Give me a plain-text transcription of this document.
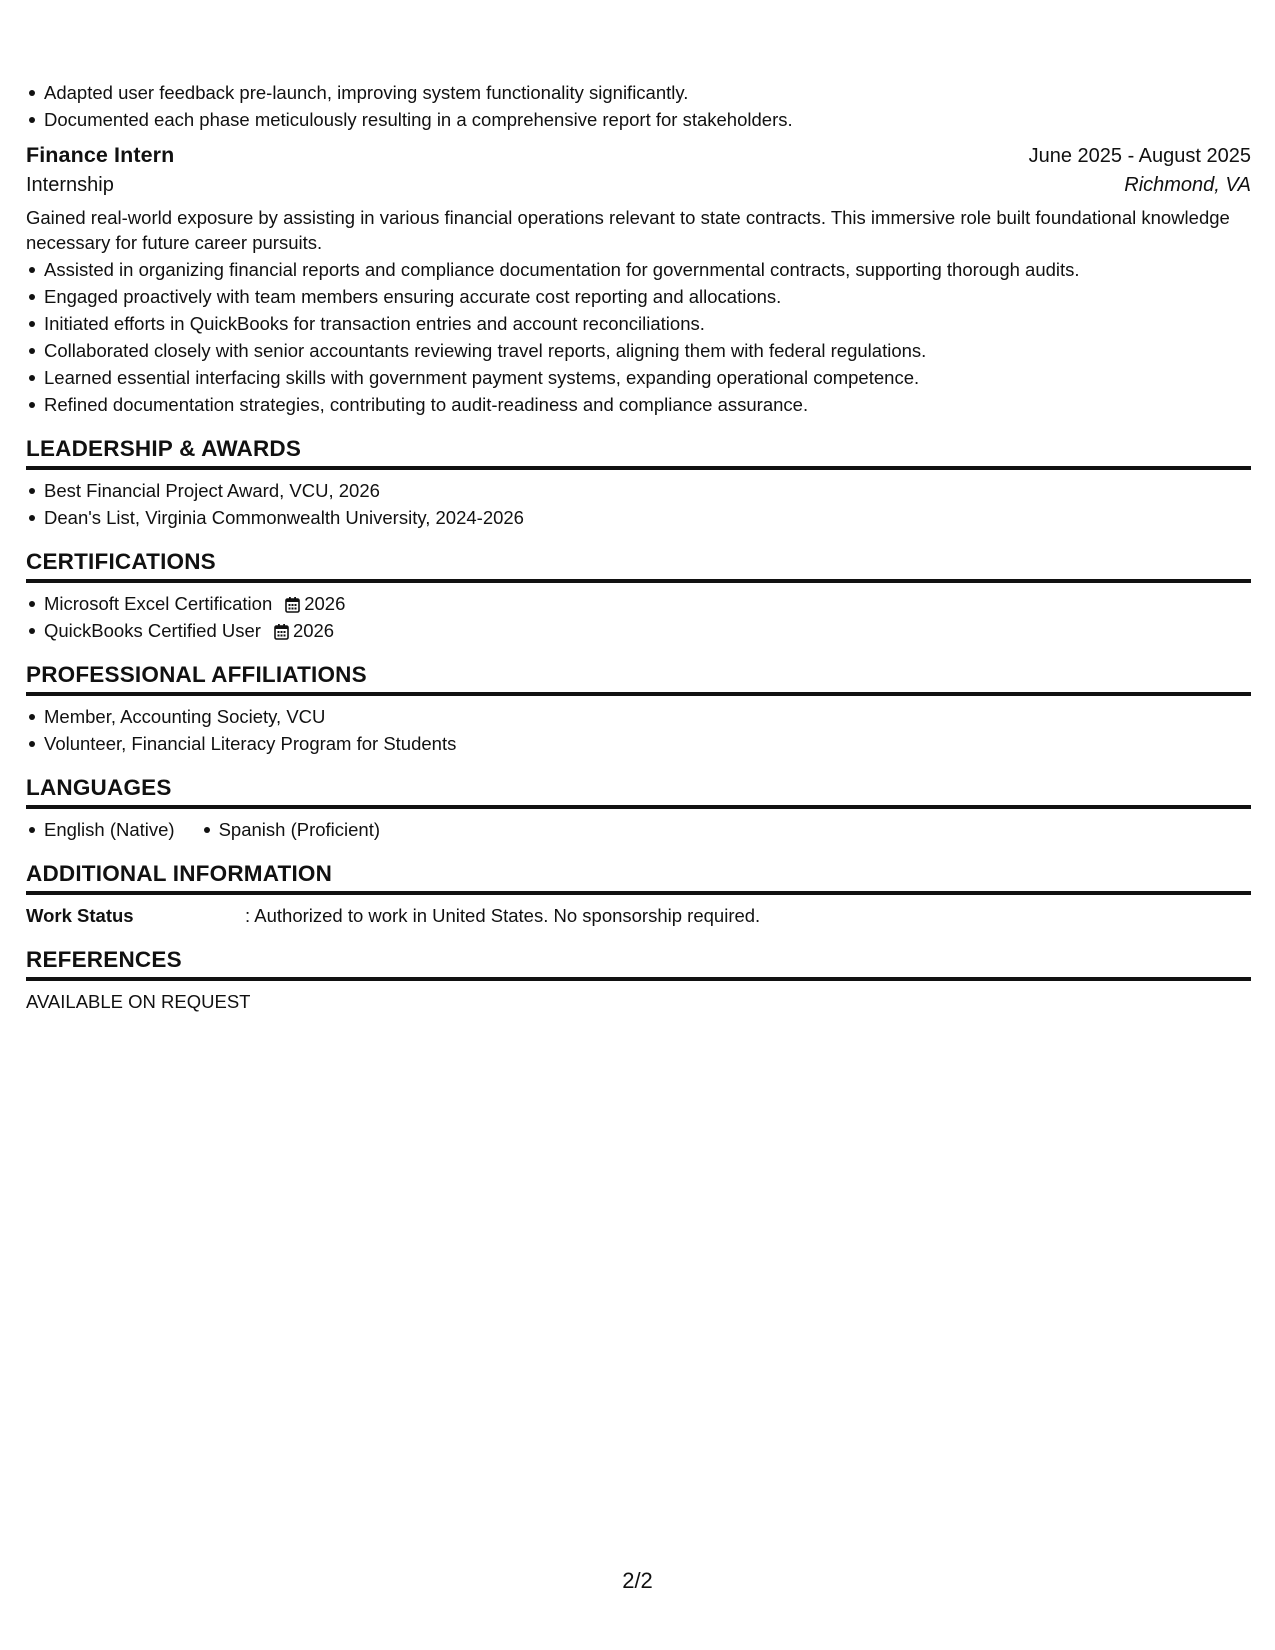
Adapted user feedback pre-launch, improving system functionality significantly.
Documented each phase meticulously resulting in a comprehensive report for stakeholders.
Finance Intern	June 2025 - August 2025
Internship	Richmond, VA

Gained real-world exposure by assisting in various financial operations relevant to state contracts. This immersive role built foundational knowledge necessary for future career pursuits.

Assisted in organizing financial reports and compliance documentation for governmental contracts, supporting thorough audits.
Engaged proactively with team members ensuring accurate cost reporting and allocations.
Initiated efforts in QuickBooks for transaction entries and account reconciliations.
Collaborated closely with senior accountants reviewing travel reports, aligning them with federal regulations.
Learned essential interfacing skills with government payment systems, expanding operational competence.
Refined documentation strategies, contributing to audit-readiness and compliance assurance.
LEADERSHIP & AWARDS
Best Financial Project Award, VCU, 2026
Dean's List, Virginia Commonwealth University, 2024-2026
CERTIFICATIONS
Microsoft Excel Certification 2026
QuickBooks Certified User 2026
PROFESSIONAL AFFILIATIONS
Member, Accounting Society, VCU
Volunteer, Financial Literacy Program for Students
LANGUAGES
English (Native)	Spanish (Proficient)
ADDITIONAL INFORMATION
Work Status	: Authorized to work in United States. No sponsorship required.
REFERENCES

AVAILABLE ON REQUEST

2/2
